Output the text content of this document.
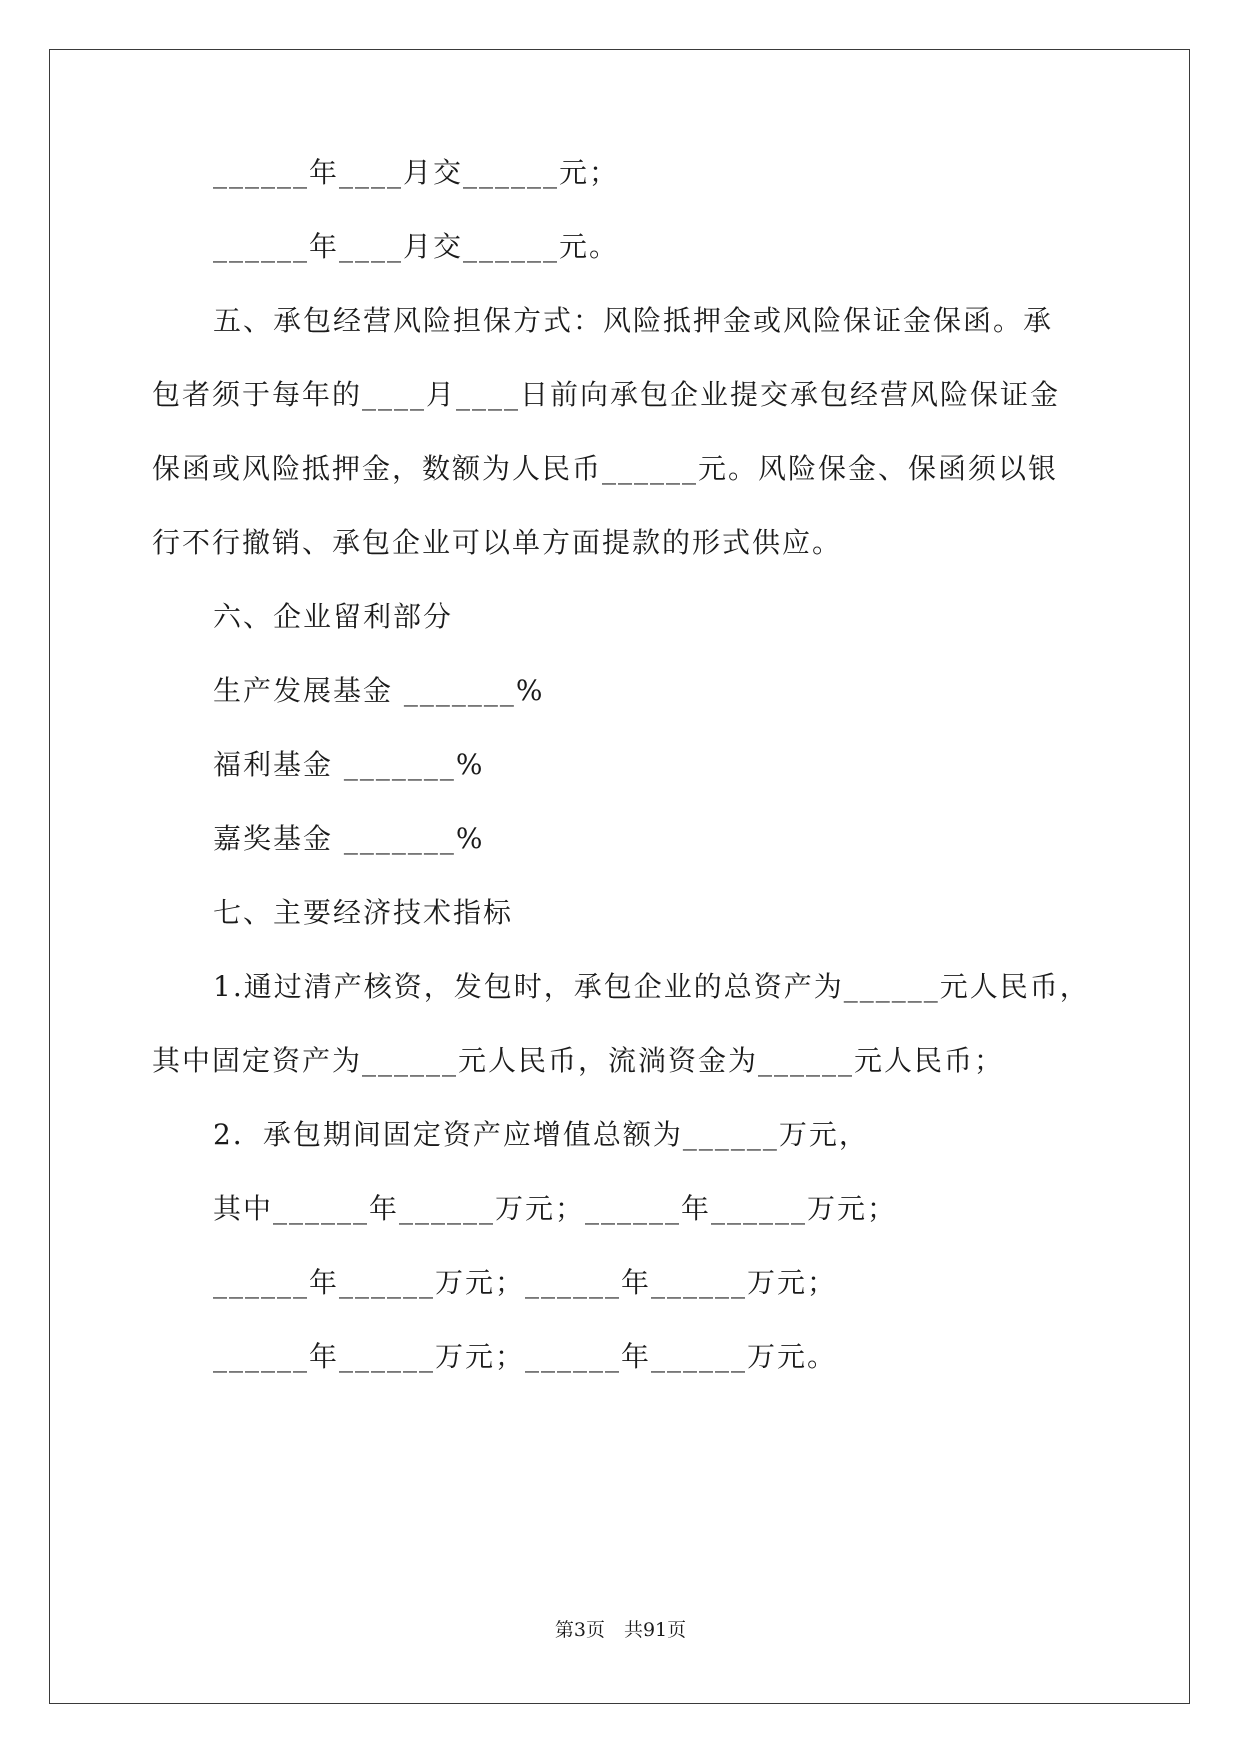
______年____月交______元；
______年____月交______元。
五、承包经营风险担保方式：风险抵押金或风险保证金保函。承
包者须于每年的____月____日前向承包企业提交承包经营风险保证金
保函或风险抵押金，数额为人民币______元。风险保金、保函须以银
行不行撤销、承包企业可以单方面提款的形式供应。
六、企业留利部分
生产发展基金 _______%
福利基金 _______%
嘉奖基金 _______%
七、主要经济技术指标
1.通过清产核资，发包时，承包企业的总资产为______元人民币，
其中固定资产为______元人民币，流淌资金为______元人民币；
2．承包期间固定资产应增值总额为______万元，
其中______年______万元；______年______万元；
______年______万元；______年______万元；
______年______万元；______年______万元。
第3页　共91页
